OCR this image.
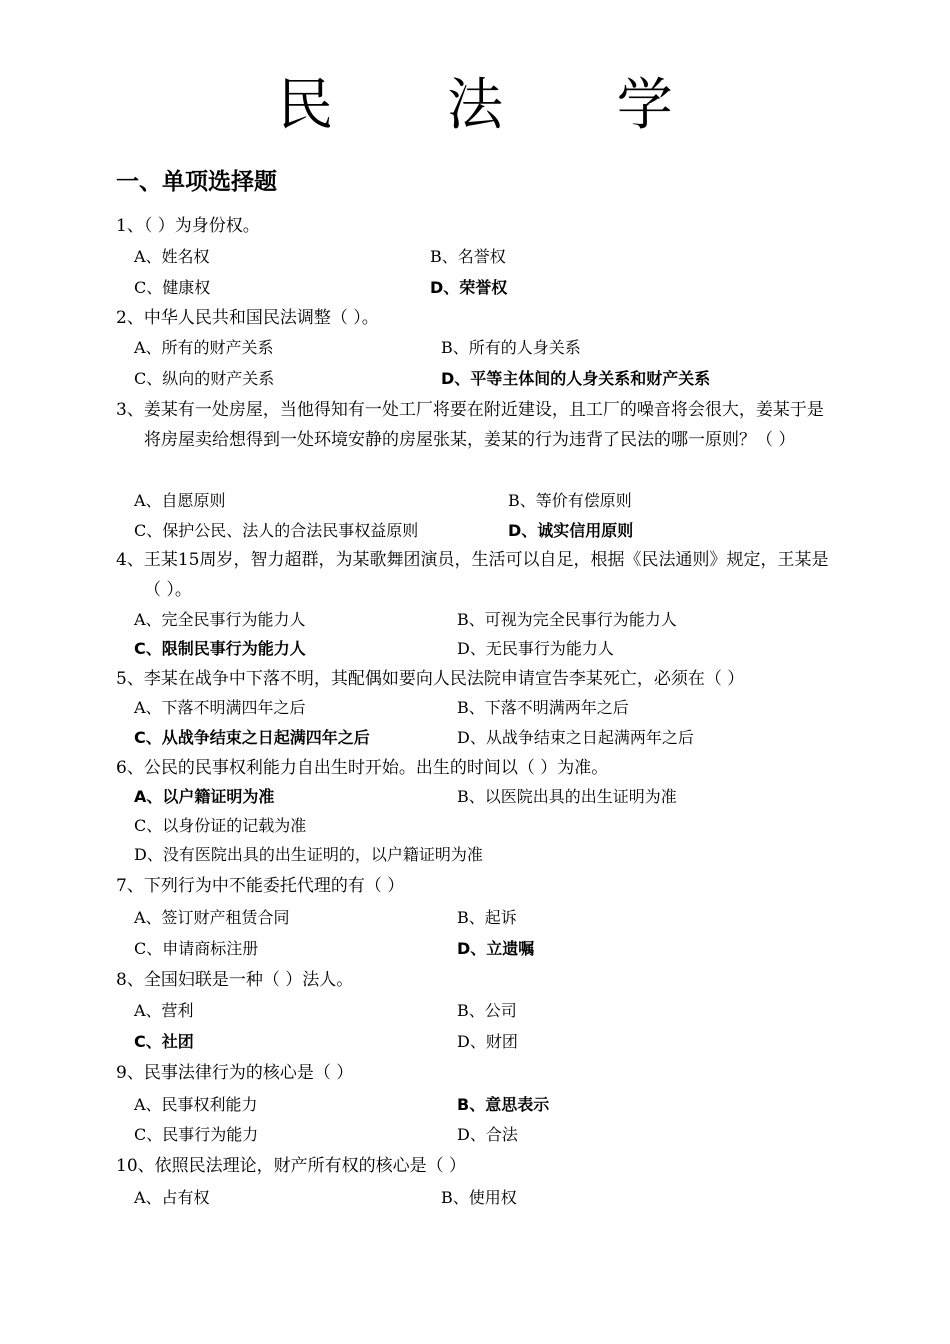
民 法 学
一、单项选择题
1、（ ）为身份权。
A、姓名权	B、名誉权
C、健康权	D、荣誉权
2、中华人民共和国民法调整（ ）。
A、所有的财产关系	B、所有的人身关系
C、纵向的财产关系	D、平等主体间的人身关系和财产关系
3、姜某有一处房屋，当他得知有一处工厂将要在附近建设，且工厂的噪音将会很大，姜某于是将房屋卖给想得到一处环境安静的房屋张某，姜某的行为违背了民法的哪一原则？（ ）
A、自愿原则	B、等价有偿原则
C、保护公民、法人的合法民事权益原则	D、诚实信用原则
4、王某15周岁，智力超群，为某歌舞团演员，生活可以自足，根据《民法通则》规定，王某是（ ）。
A、完全民事行为能力人	B、可视为完全民事行为能力人
C、限制民事行为能力人	D、无民事行为能力人
5、李某在战争中下落不明，其配偶如要向人民法院申请宣告李某死亡，必须在（ ）
A、下落不明满四年之后	B、下落不明满两年之后
C、从战争结束之日起满四年之后	D、从战争结束之日起满两年之后
6、公民的民事权利能力自出生时开始。出生的时间以（ ）为准。
A、以户籍证明为准	B、以医院出具的出生证明为准
C、以身份证的记载为准
D、没有医院出具的出生证明的，以户籍证明为准
7、下列行为中不能委托代理的有（ ）
A、签订财产租赁合同	B、起诉
C、申请商标注册	D、立遗嘱
8、全国妇联是一种（ ）法人。
A、营利	B、公司
C、社团	D、财团
9、民事法律行为的核心是（ ）
A、民事权利能力	B、意思表示
C、民事行为能力	D、合法
10、依照民法理论，财产所有权的核心是（ ）
A、占有权	B、使用权
